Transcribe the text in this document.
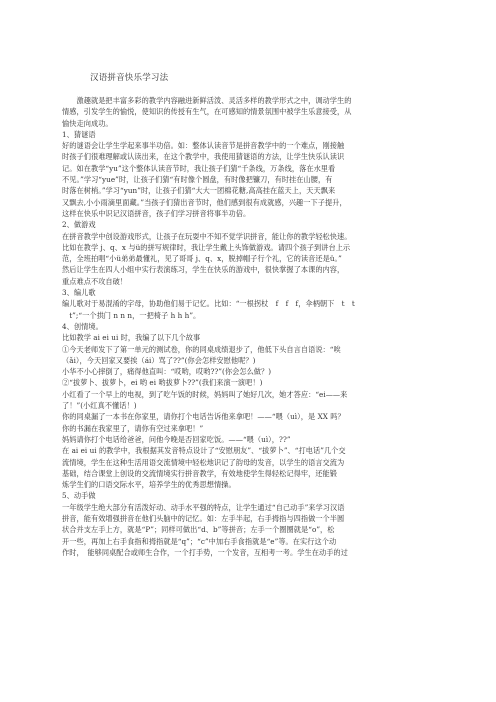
汉语拼音快乐学习法

　　激趣就是把丰富多彩的教学内容融进新鲜活泼、灵活多样的教学形式之中，调动学生的

情感，引发学生的愉悦，使知识的传授有生气，在可感知的情景氛围中被学生乐意接受，从

愉快走向成功。

1、猜谜语

好的谜语会让学生学起来事半功倍。如：整体认读音节是拼音教学中的一个难点，刚接触

时孩子们很难理解或认读出来，在这个教学中，我使用猜谜语的方法，让学生快乐认读识

记。如在教学“yu”这个整体认读音节时，我让孩子们猜“千条线，万条线，落在水里看

不见。”学习“yue”时，让孩子们猜“有时像个圆盘，有时像把镰刀，有时挂在山腰，有

时落在树梢。”学习“yun”时，让孩子们猜“大大一团棉花糖,高高挂在蓝天上，天天飘来

又飘去,小小雨滴里面藏。”当孩子们猜出音节时，他们感到很有成就感，兴趣一下子提升，

这样在快乐中识记汉语拼音，孩子们学习拼音将事半功倍。

2、做游戏

在拼音教学中创设游戏形式，让孩子在玩耍中不知不觉学识拼音，能让你的教学轻松快速。

比如在教学 j、q、x 与ü的拼写规律时，我让学生戴上头饰做游戏。请四个孩子到讲台上示

范，全班拍唱“小ü弟弟最懂礼，见了哥哥 j、q、x，脱掉帽子行个礼，它的读音还是ü。”

然后让学生在四人小组中实行表演练习，学生在快乐的游戏中，很快掌握了本课的内容，

重点难点不攻自破！

3、编儿歌

编儿歌对于易混淆的字母，协助他们易于记忆。比如：“一根拐杖　f　f　f，伞柄朝下　t　t

　t”;“一个拱门 n n n，一把椅子 h h h”。

4、创情境。

比如教学 ai ei ui 时，我编了以下几个故事

①今天老师发下了第一单元的测试卷，你的同桌成绩退步了，他低下头自言自语说：“唉

（ǎi），今天回家又要挨（ái）骂了??”(你会怎样安慰他呢？)

小华不小心摔倒了，痛得他直叫：“哎哟，哎哟??”(你会怎么做？)

②“拔萝卜、拔萝卜，ei 哟 ei 哟拔萝卜??”(我们来演一演吧！)

小红看了一个早上的电视，到了吃午饭的时候，妈妈叫了她好几次，她才答应：“ei——来

了！”(小红真不懂话！)

你的同桌漏了一本书在你家里，请你打个电话告诉他来拿吧！——“喂（uì），是 XX 吗？

你的书漏在我家里了，请你有空过来拿吧！”

妈妈请你打个电话给爸爸，问他今晚是否回家吃饭。——“喂（uì），??”

在 ai ei ui 的教学中，我根据其发音特点设计了“安慰朋友”、“拔萝卜”、“打电话”几个交

流情境，学生在这种生活用语交流情境中轻松地识记了韵母的发音，以学生的语言交流为

基础，结合课堂上创设的交流情境实行拼音教学，有效地使学生得轻松记得牢，还能锻

炼学生们的口语交际水平，培养学生的优秀思想情操。

5、动手做

一年级学生绝大部分有活泼好动、动手水平强的特点，让学生通过“自己动手”来学习汉语

拼音，能有效增强拼音在他们头脑中的记忆。如：左手半起，右手拇指与四指做一个半圆

状合并支左手上方，就是“P”；同样可做出“d、b”等拼音；左手一个圈圈就是“o”，松

开一些，再加上右手食指和拇指就是“q”；“c”中加右手食指就是“e”等。在实行这个动

作时，　能够同桌配合或师生合作，一个打手势，一个发音，互相考一考。学生在动手的过
